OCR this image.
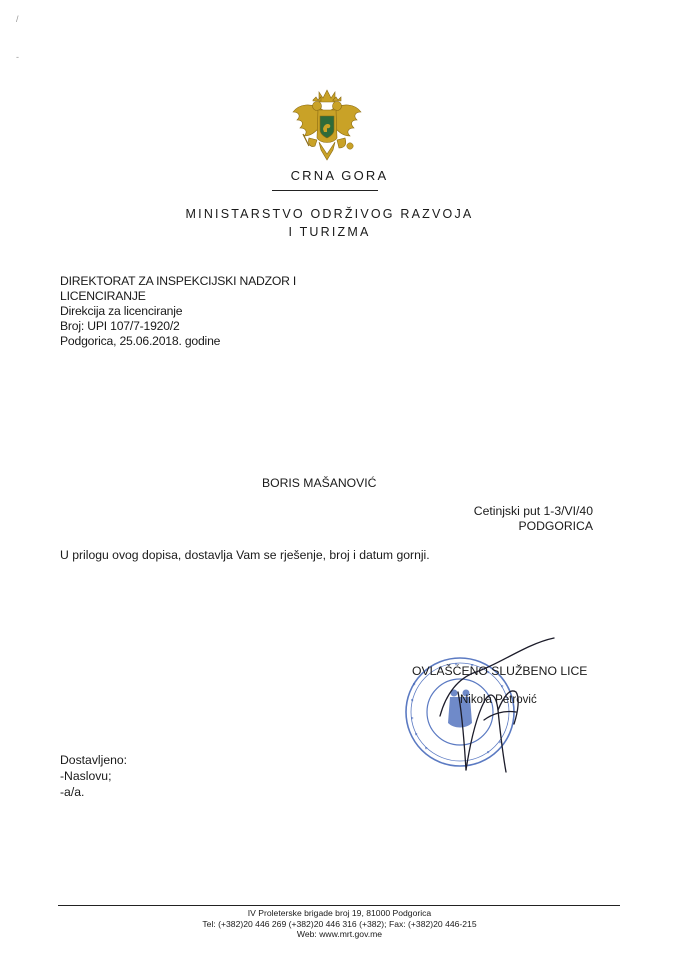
/
-
CRNA GORA
MINISTARSTVO ODRŽIVOG RAZVOJA
I TURIZMA
DIREKTORAT ZA INSPEKCIJSKI NADZOR I
LICENCIRANJE
Direkcija za licenciranje
Broj: UPI 107/7-1920/2
Podgorica, 25.06.2018. godine
BORIS MAŠANOVIĆ
Cetinjski put 1-3/VI/40
PODGORICA
U prilogu ovog dopisa, dostavlja Vam se rješenje, broj i datum gornji.
OVLAŠĆENO SLUŽBENO LICE
Nikola Petrović
Dostavljeno:
-Naslovu;
-a/a.
IV Proleterske brigade broj 19, 81000 Podgorica
Tel: (+382)20 446 269 (+382)20 446 316 (+382); Fax: (+382)20 446-215
Web: www.mrt.gov.me
